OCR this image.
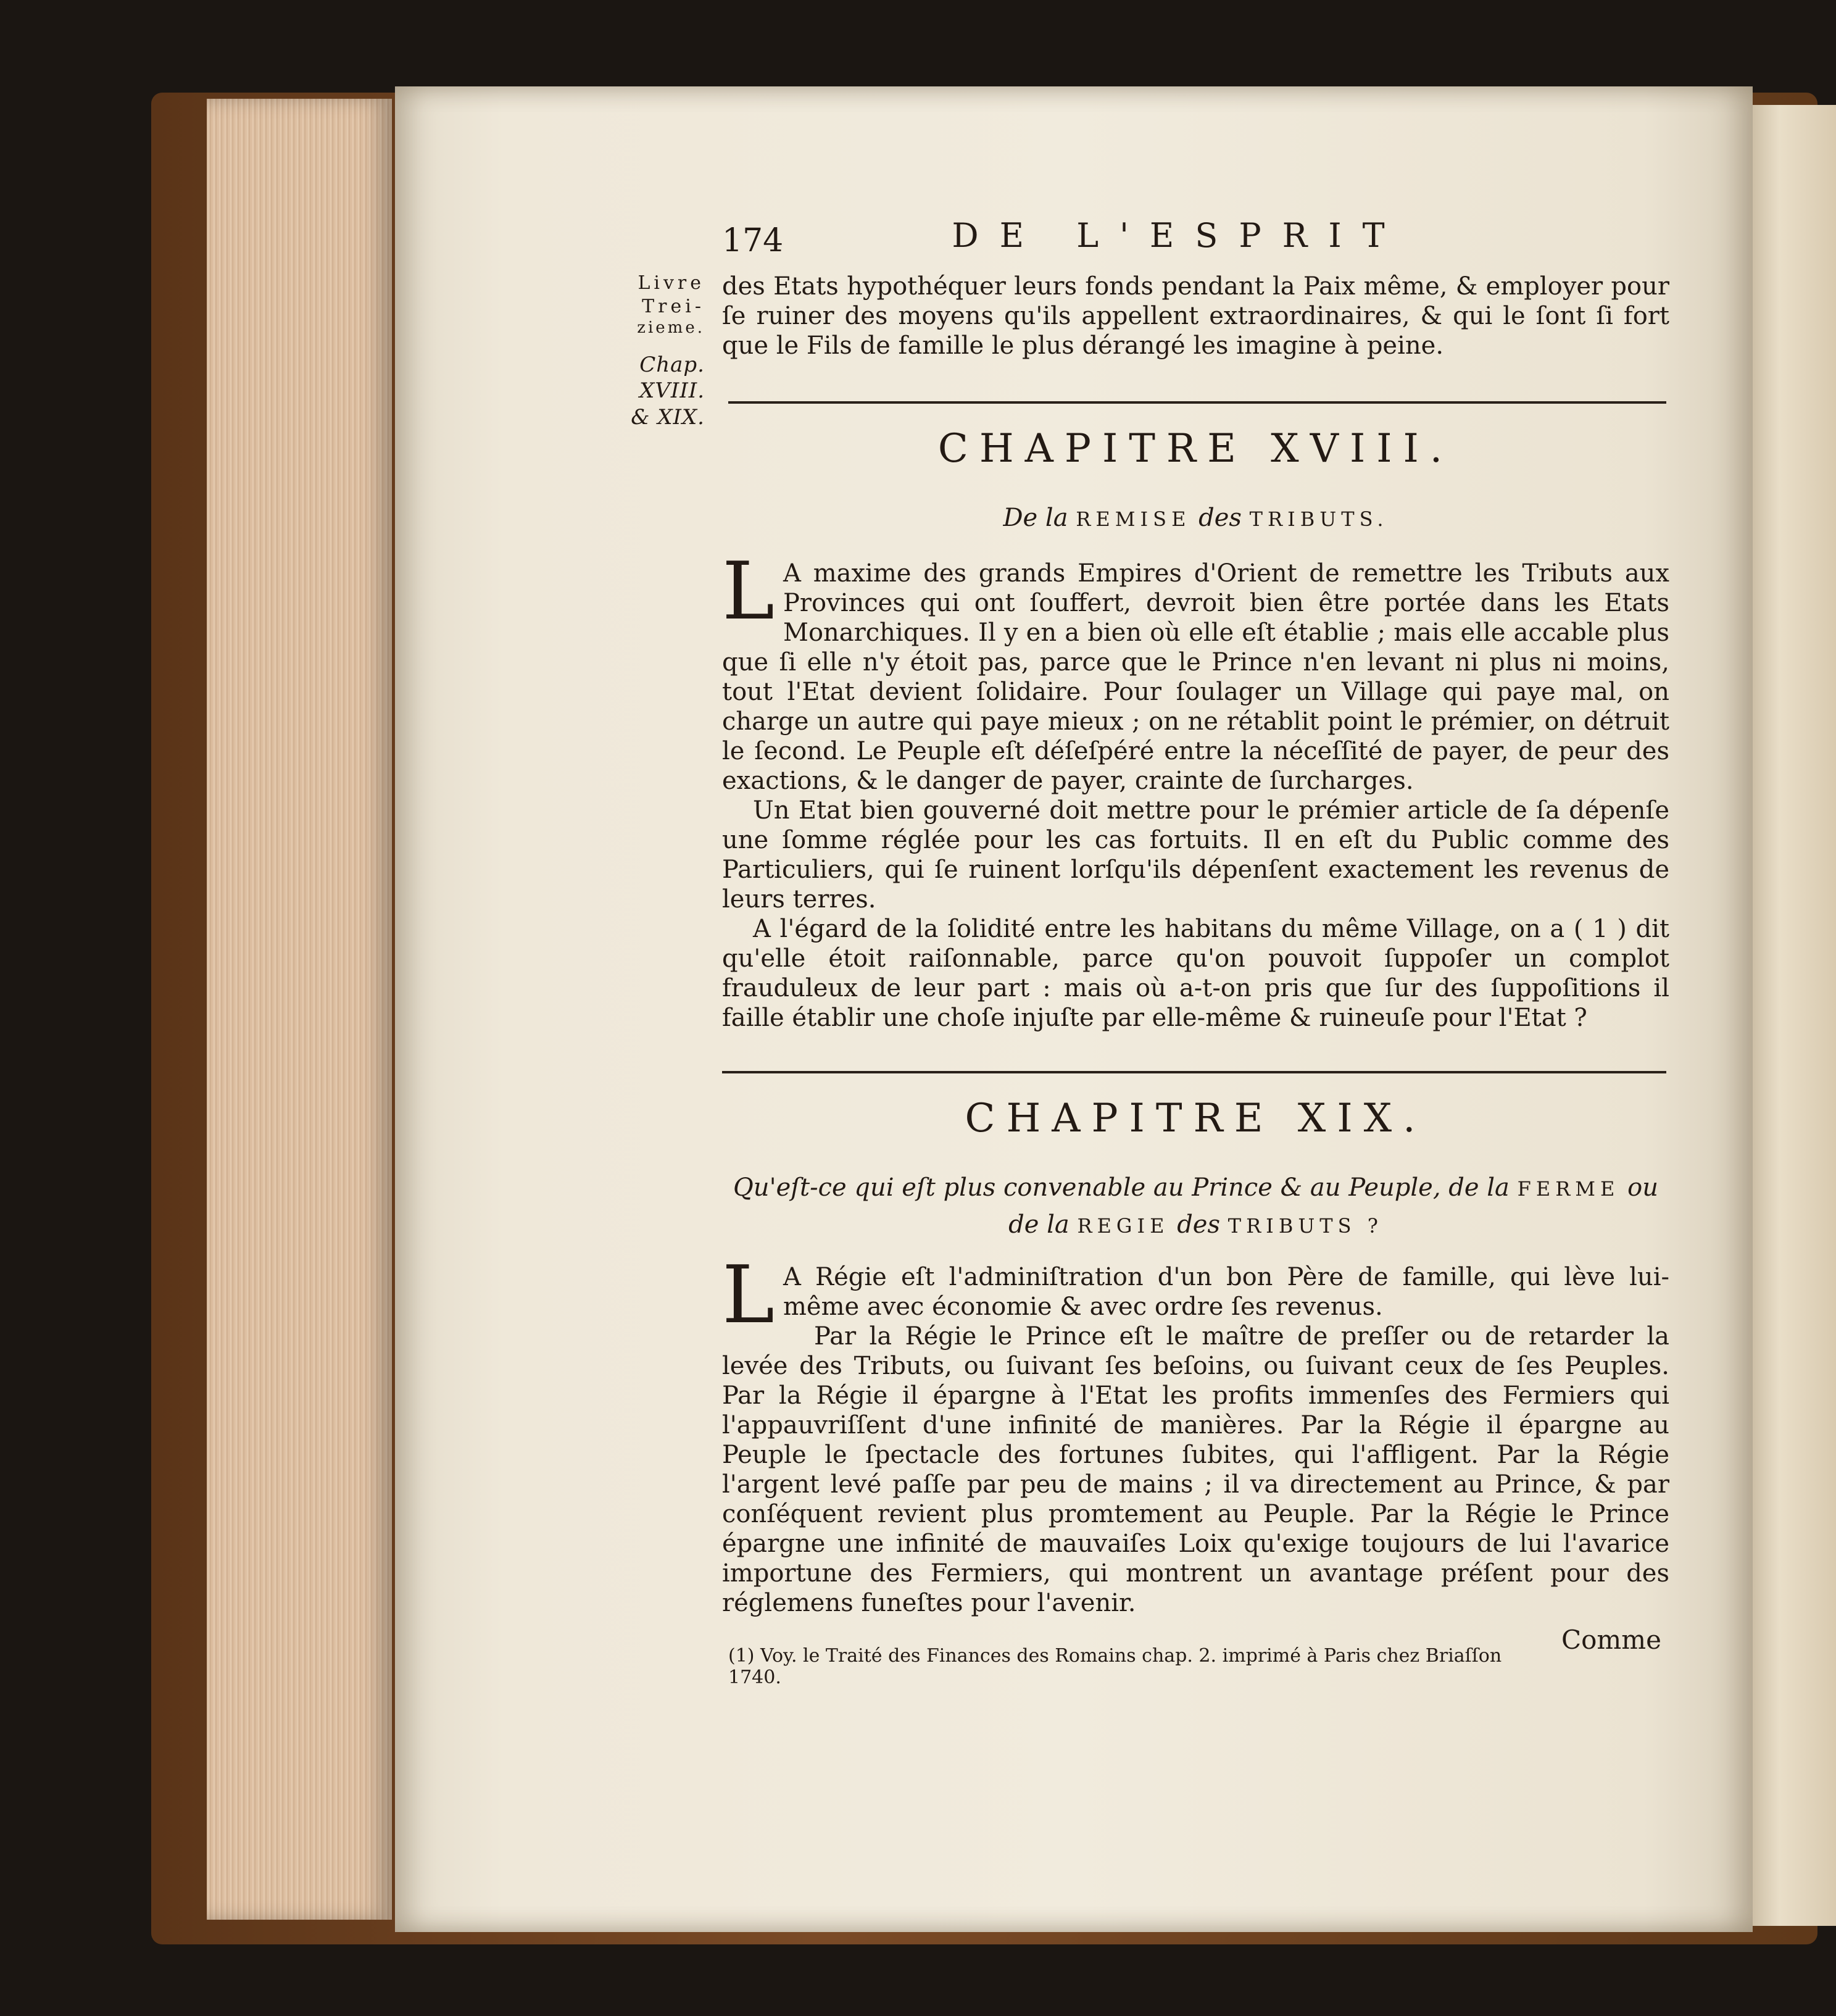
174	DE L'ESPRIT
Livre
Trei-
zieme.
Chap.
XVIII.
& XIX.

des Etats hypothéquer leurs fonds pendant la Paix même, & employer pour ſe ruiner des moyens qu'ils appellent extraordinaires, & qui le ſont ſi fort que le Fils de famille le plus dérangé les imagine à peine.

CHAPITRE XVIII.
De la REMISE des TRIBUTS.
L A maxime des grands Empires d'Orient de remettre les Tributs aux Provinces qui ont ſouffert, devroit bien être portée dans les Etats Monarchiques. Il y en a bien où elle eſt établie ; mais elle accable plus que ſi elle n'y étoit pas, parce que le Prince n'en levant ni plus ni moins, tout l'Etat devient ſolidaire. Pour ſoulager un Village qui paye mal, on charge un autre qui paye mieux ; on ne rétablit point le prémier, on détruit le ſecond. Le Peuple eſt déſeſpéré entre la néceſſité de payer, de peur des exactions, & le danger de payer, crainte de ſurcharges.

Un Etat bien gouverné doit mettre pour le prémier article de ſa dépenſe une ſomme réglée pour les cas fortuits. Il en eſt du Public comme des Particuliers, qui ſe ruinent lorſqu'ils dépenſent exactement les revenus de leurs terres.

A l'égard de la ſolidité entre les habitans du même Village, on a ( 1 ) dit qu'elle étoit raiſonnable, parce qu'on pouvoit ſuppoſer un complot frauduleux de leur part : mais où a-t-on pris que ſur des ſuppoſitions il faille établir une choſe injuſte par elle-même & ruineuſe pour l'Etat ?

CHAPITRE XIX.
Qu'eſt-ce qui eſt plus convenable au Prince & au Peuple, de la FERME ou
de la REGIE des TRIBUTS ?
L A Régie eſt l'adminiſtration d'un bon Père de famille, qui lève lui-même avec économie & avec ordre ſes revenus.

Par la Régie le Prince eſt le maître de preſſer ou de retarder la levée des Tributs, ou ſuivant ſes beſoins, ou ſuivant ceux de ſes Peuples. Par la Régie il épargne à l'Etat les profits immenſes des Fermiers qui l'appauvriſſent d'une infinité de manières. Par la Régie il épargne au Peuple le ſpectacle des fortunes ſubites, qui l'affligent. Par la Régie l'argent levé paſſe par peu de mains ; il va directement au Prince, & par conſéquent revient plus promtement au Peuple. Par la Régie le Prince épargne une infinité de mauvaiſes Loix qu'exige toujours de lui l'avarice importune des Fermiers, qui montrent un avantage préſent pour des réglemens funeſtes pour l'avenir.

Comme
(1) Voy. le Traité des Finances des Romains chap. 2. imprimé à Paris chez Briaſſon 1740.
